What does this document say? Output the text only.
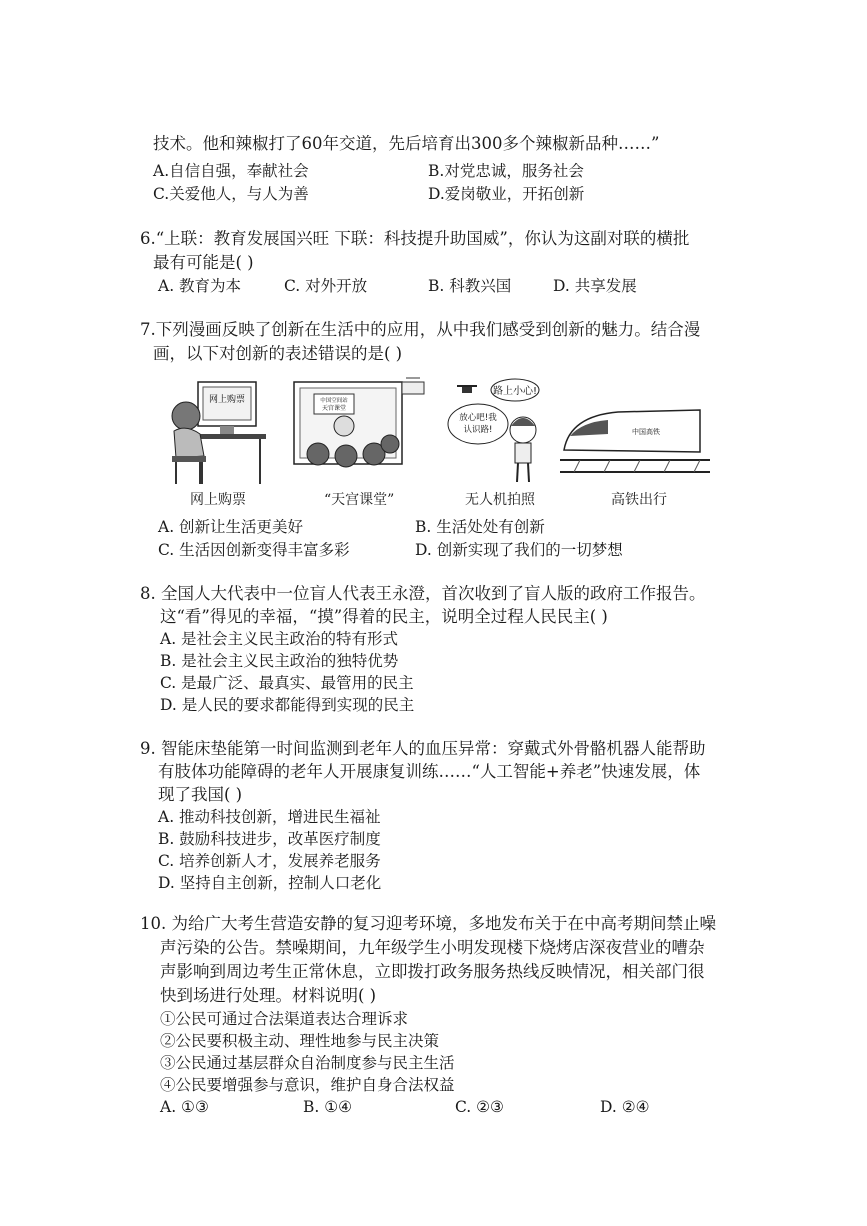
技术。他和辣椒打了60年交道，先后培育出300多个辣椒新品种……”
A.自信自强，奉献社会	B.对党忠诚，服务社会
C.关爱他人，与人为善	D.爱岗敬业，开拓创新
6.“上联：教育发展国兴旺 下联：科技提升助国威”，你认为这副对联的横批
最有可能是( )
A. 教育为本	C. 对外开放	B. 科教兴国	D. 共享发展
7.下列漫画反映了创新在生活中的应用，从中我们感受到创新的魅力。结合漫
画，以下对创新的表述错误的是( )
网上购票	中国空间站
天宫课堂
路上小心!
放心吧!我
认识路!	中国高铁
网上购票	“天宫课堂”	无人机拍照	高铁出行
A. 创新让生活更美好	B. 生活处处有创新
C. 生活因创新变得丰富多彩	D. 创新实现了我们的一切梦想
8. 全国人大代表中一位盲人代表王永澄，首次收到了盲人版的政府工作报告。
这“看”得见的幸福，“摸”得着的民主，说明全过程人民民主( )
A. 是社会主义民主政治的特有形式
B. 是社会主义民主政治的独特优势
C. 是最广泛、最真实、最管用的民主
D. 是人民的要求都能得到实现的民主
9. 智能床垫能第一时间监测到老年人的血压异常：穿戴式外骨骼机器人能帮助
有肢体功能障碍的老年人开展康复训练……“人工智能+养老”快速发展，体
现了我国( )
A. 推动科技创新，增进民生福祉
B. 鼓励科技进步，改革医疗制度
C. 培养创新人才，发展养老服务
D. 坚持自主创新，控制人口老化
10. 为给广大考生营造安静的复习迎考环境，多地发布关于在中高考期间禁止噪
声污染的公告。禁噪期间，九年级学生小明发现楼下烧烤店深夜营业的嘈杂
声影响到周边考生正常休息，立即拨打政务服务热线反映情况，相关部门很
快到场进行处理。材料说明( )
①公民可通过合法渠道表达合理诉求
②公民要积极主动、理性地参与民主决策
③公民通过基层群众自治制度参与民主生活
④公民要增强参与意识，维护自身合法权益
A. ①③	B. ①④	C. ②③	D. ②④
